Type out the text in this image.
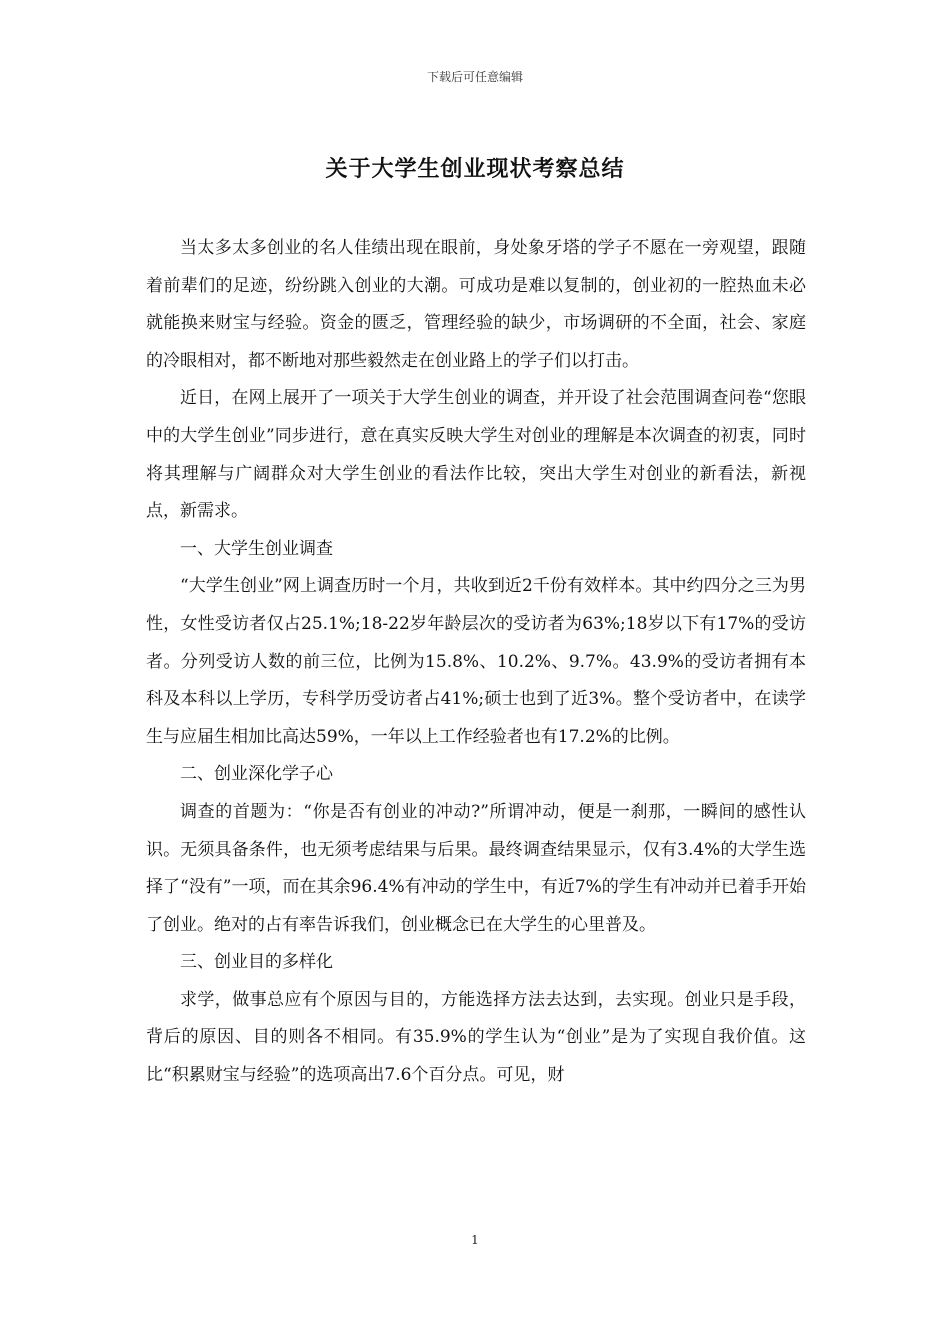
下载后可任意编辑
关于大学生创业现状考察总结

当太多太多创业的名人佳绩出现在眼前，身处象牙塔的学子不愿在一旁观望，跟随着前辈们的足迹，纷纷跳入创业的大潮。可成功是难以复制的，创业初的一腔热血未必就能换来财宝与经验。资金的匮乏，管理经验的缺少，市场调研的不全面，社会、家庭的冷眼相对，都不断地对那些毅然走在创业路上的学子们以打击。

近日，在网上展开了一项关于大学生创业的调查，并开设了社会范围调查问卷“您眼中的大学生创业”同步进行，意在真实反映大学生对创业的理解是本次调查的初衷，同时将其理解与广阔群众对大学生创业的看法作比较，突出大学生对创业的新看法，新视点，新需求。

一、大学生创业调查

“大学生创业”网上调查历时一个月，共收到近2千份有效样本。其中约四分之三为男性，女性受访者仅占25.1%;18-22岁年龄层次的受访者为63%;18岁以下有17%的受访者。分列受访人数的前三位，比例为15.8%、10.2%、9.7%。43.9%的受访者拥有本科及本科以上学历，专科学历受访者占41%;硕士也到了近3%。整个受访者中，在读学生与应届生相加比高达59%，一年以上工作经验者也有17.2%的比例。

二、创业深化学子心

调查的首题为：“你是否有创业的冲动?”所谓冲动，便是一刹那，一瞬间的感性认识。无须具备条件，也无须考虑结果与后果。最终调查结果显示，仅有3.4%的大学生选择了“没有”一项，而在其余96.4%有冲动的学生中，有近7%的学生有冲动并已着手开始了创业。绝对的占有率告诉我们，创业概念已在大学生的心里普及。

三、创业目的多样化

求学，做事总应有个原因与目的，方能选择方法去达到，去实现。创业只是手段，背后的原因、目的则各不相同。有35.9%的学生认为“创业”是为了实现自我价值。这比“积累财宝与经验”的选项高出7.6个百分点。可见，财

1
